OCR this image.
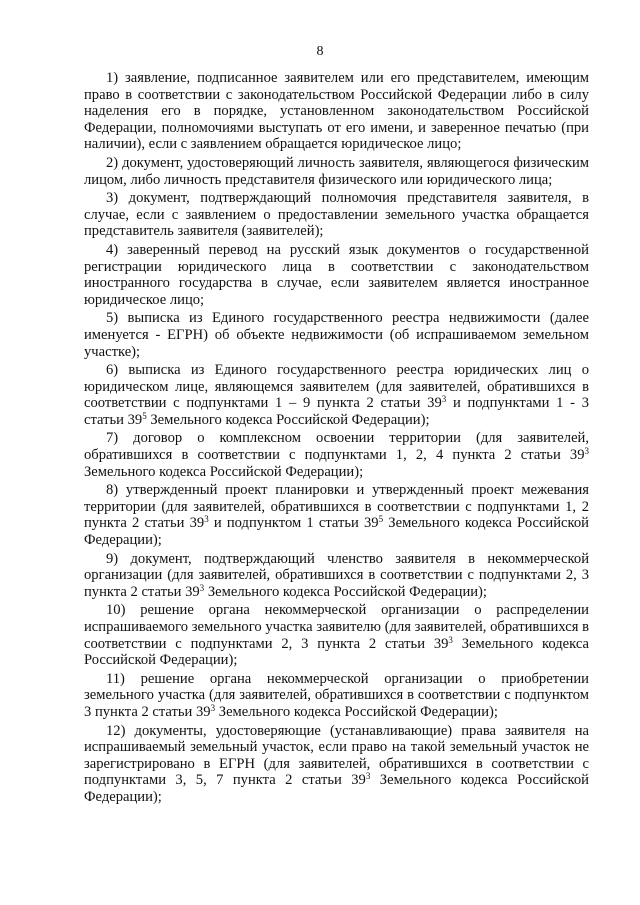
8

1) заявление, подписанное заявителем или его представителем, имеющим право в соответствии с законодательством Российской Федерации либо в силу наделения его в порядке, установленном законодательством Российской Федерации, полномочиями выступать от его имени, и заверенное печатью (при наличии), если с заявлением обращается юридическое лицо;

2) документ, удостоверяющий личность заявителя, являющегося физическим лицом, либо личность представителя физического или юридического лица;

3) документ, подтверждающий полномочия представителя заявителя, в случае, если с заявлением о предоставлении земельного участка обращается представитель заявителя (заявителей);

4) заверенный перевод на русский язык документов о государственной регистрации юридического лица в соответствии с законодательством иностранного государства в случае, если заявителем является иностранное юридическое лицо;

5) выписка из Единого государственного реестра недвижимости (далее именуется - ЕГРН) об объекте недвижимости (об испрашиваемом земельном участке);

6) выписка из Единого государственного реестра юридических лиц о юридическом лице, являющемся заявителем (для заявителей, обратившихся в соответствии с подпунктами 1 – 9 пункта 2 статьи $39^3$ и подпунктами 1 - 3 статьи $39^5$ Земельного кодекса Российской Федерации);

7) договор о комплексном освоении территории (для заявителей, обратившихся в соответствии с подпунктами 1, 2, 4 пункта 2 статьи $39^3$ Земельного кодекса Российской Федерации);

8) утвержденный проект планировки и утвержденный проект межевания территории (для заявителей, обратившихся в соответствии с подпунктами 1, 2 пункта 2 статьи $39^3$ и подпунктом 1 статьи $39^5$ Земельного кодекса Российской Федерации);

9) документ, подтверждающий членство заявителя в некоммерческой организации (для заявителей, обратившихся в соответствии с подпунктами 2, 3 пункта 2 статьи $39^3$ Земельного кодекса Российской Федерации);

10) решение органа некоммерческой организации о распределении испрашиваемого земельного участка заявителю (для заявителей, обратившихся в соответствии с подпунктами 2, 3 пункта 2 статьи $39^3$ Земельного кодекса Российской Федерации);

11) решение органа некоммерческой организации о приобретении земельного участка (для заявителей, обратившихся в соответствии с подпунктом 3 пункта 2 статьи $39^3$ Земельного кодекса Российской Федерации);

12) документы, удостоверяющие (устанавливающие) права заявителя на испрашиваемый земельный участок, если право на такой земельный участок не зарегистрировано в ЕГРН (для заявителей, обратившихся в соответствии с подпунктами 3, 5, 7 пункта 2 статьи $39^3$ Земельного кодекса Российской Федерации);
